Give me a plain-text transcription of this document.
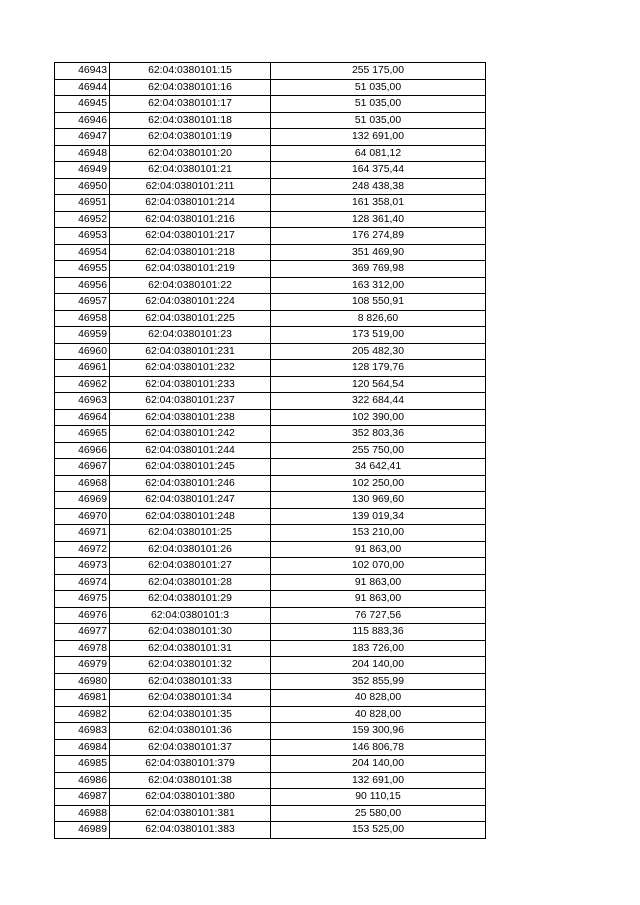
46943	62:04:0380101:15	255 175,00
46944	62:04:0380101:16	51 035,00
46945	62:04:0380101:17	51 035,00
46946	62:04:0380101:18	51 035,00
46947	62:04:0380101:19	132 691,00
46948	62:04:0380101:20	64 081,12
46949	62:04:0380101:21	164 375,44
46950	62:04:0380101:211	248 438,38
46951	62:04:0380101:214	161 358,01
46952	62:04:0380101:216	128 361,40
46953	62:04:0380101:217	176 274,89
46954	62:04:0380101:218	351 469,90
46955	62:04:0380101:219	369 769,98
46956	62:04:0380101:22	163 312,00
46957	62:04:0380101:224	108 550,91
46958	62:04:0380101:225	8 826,60
46959	62:04:0380101:23	173 519,00
46960	62:04:0380101:231	205 482,30
46961	62:04:0380101:232	128 179,76
46962	62:04:0380101:233	120 564,54
46963	62:04:0380101:237	322 684,44
46964	62:04:0380101:238	102 390,00
46965	62:04:0380101:242	352 803,36
46966	62:04:0380101:244	255 750,00
46967	62:04:0380101:245	34 642,41
46968	62:04:0380101:246	102 250,00
46969	62:04:0380101:247	130 969,60
46970	62:04:0380101:248	139 019,34
46971	62:04:0380101:25	153 210,00
46972	62:04:0380101:26	91 863,00
46973	62:04:0380101:27	102 070,00
46974	62:04:0380101:28	91 863,00
46975	62:04:0380101:29	91 863,00
46976	62:04:0380101:3	76 727,56
46977	62:04:0380101:30	115 883,36
46978	62:04:0380101:31	183 726,00
46979	62:04:0380101:32	204 140,00
46980	62:04:0380101:33	352 855,99
46981	62:04:0380101:34	40 828,00
46982	62:04:0380101:35	40 828,00
46983	62:04:0380101:36	159 300,96
46984	62:04:0380101:37	146 806,78
46985	62:04:0380101:379	204 140,00
46986	62:04:0380101:38	132 691,00
46987	62:04:0380101:380	90 110,15
46988	62:04:0380101:381	25 580,00
46989	62:04:0380101:383	153 525,00
